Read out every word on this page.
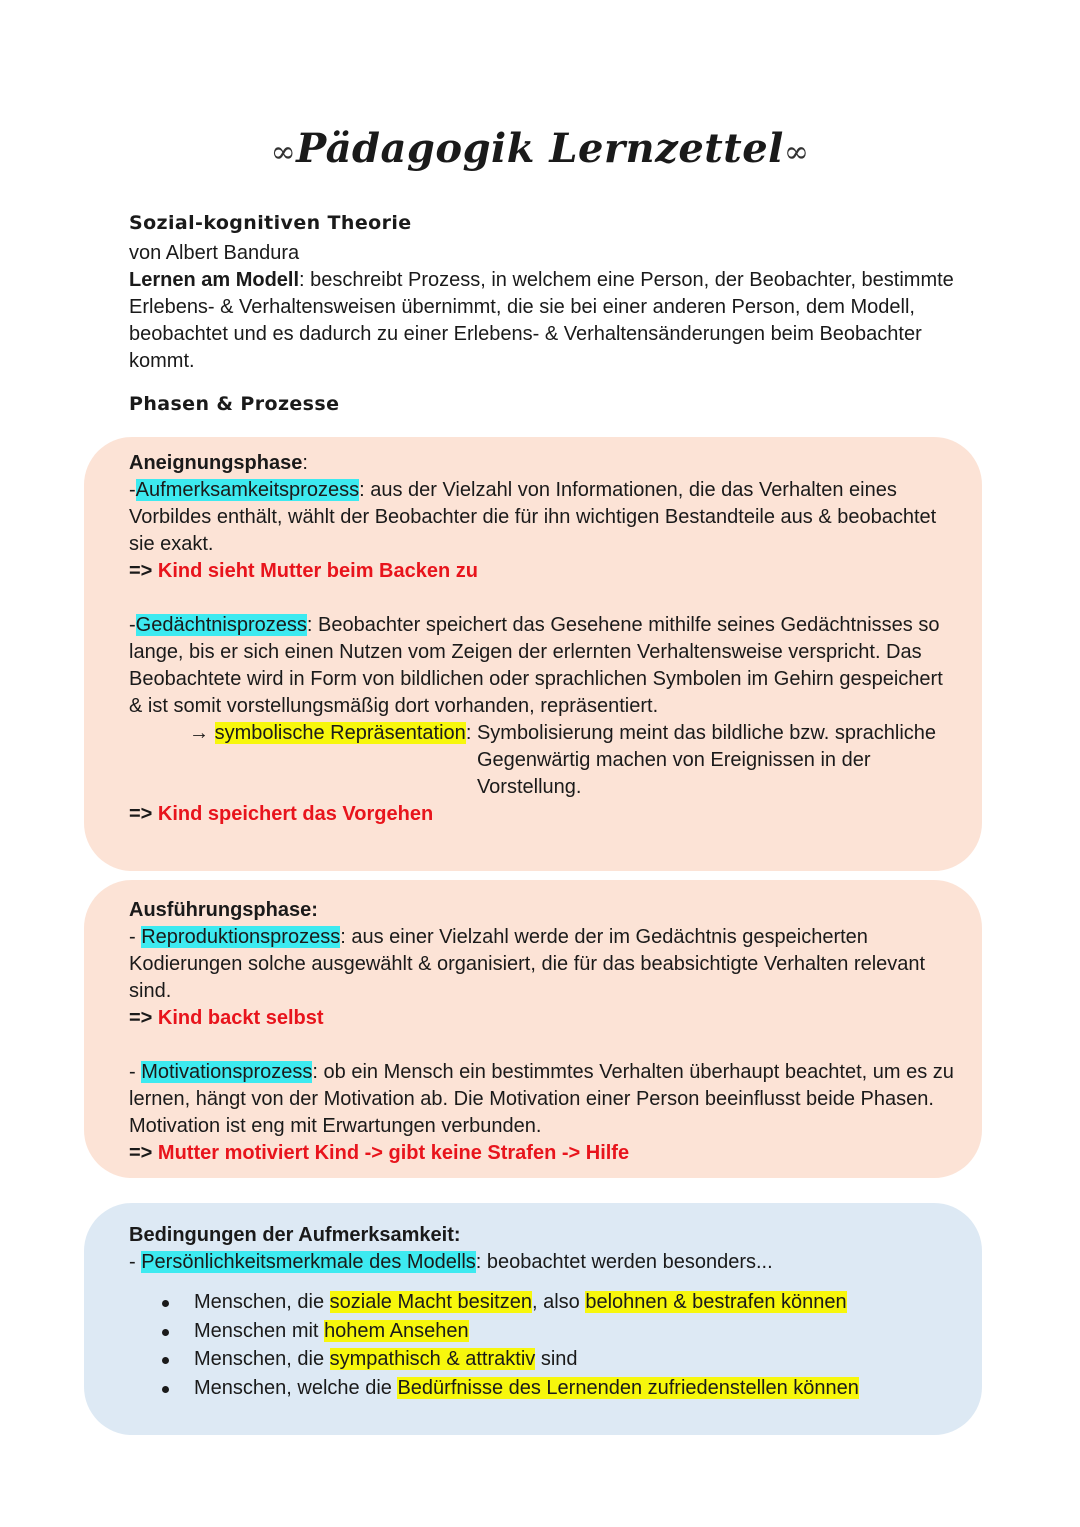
∞Pädagogik Lernzettel∞

Sozial-kognitiven Theorie

von Albert Bandura

Lernen am Modell: beschreibt Prozess, in welchem eine Person, der Beobachter, bestimmte Erlebens- & Verhaltensweisen übernimmt, die sie bei einer anderen Person, dem Modell, beobachtet und es dadurch zu einer Erlebens- & Verhaltensänderungen beim Beobachter kommt.

Phasen & Prozesse

Aneignungsphase:

-Aufmerksamkeitsprozess: aus der Vielzahl von Informationen, die das Verhalten eines Vorbildes enthält, wählt der Beobachter die für ihn wichtigen Bestandteile aus & beobachtet sie exakt.

=> Kind sieht Mutter beim Backen zu

-Gedächtnisprozess: Beobachter speichert das Gesehene mithilfe seines Gedächtnisses so lange, bis er sich einen Nutzen vom Zeigen der erlernten Verhaltensweise verspricht. Das Beobachtete wird in Form von bildlichen oder sprachlichen Symbolen im Gehirn gespeichert & ist somit vorstellungsmäßig dort vorhanden, repräsentiert.

→ symbolische Repräsentation: Symbolisierung meint das bildliche bzw. sprachliche Gegenwärtig machen von Ereignissen in der Vorstellung.

=> Kind speichert das Vorgehen

Ausführungsphase:

- Reproduktionsprozess: aus einer Vielzahl werde der im Gedächtnis gespeicherten Kodierungen solche ausgewählt & organisiert, die für das beabsichtigte Verhalten relevant sind.

=> Kind backt selbst

- Motivationsprozess: ob ein Mensch ein bestimmtes Verhalten überhaupt beachtet, um es zu lernen, hängt von der Motivation ab. Die Motivation einer Person beeinflusst beide Phasen. Motivation ist eng mit Erwartungen verbunden.

=> Mutter motiviert Kind -> gibt keine Strafen -> Hilfe

Bedingungen der Aufmerksamkeit:

- Persönlichkeitsmerkmale des Modells: beobachtet werden besonders...

Menschen, die soziale Macht besitzen, also belohnen & bestrafen können
Menschen mit hohem Ansehen
Menschen, die sympathisch & attraktiv sind
Menschen, welche die Bedürfnisse des Lernenden zufriedenstellen können
